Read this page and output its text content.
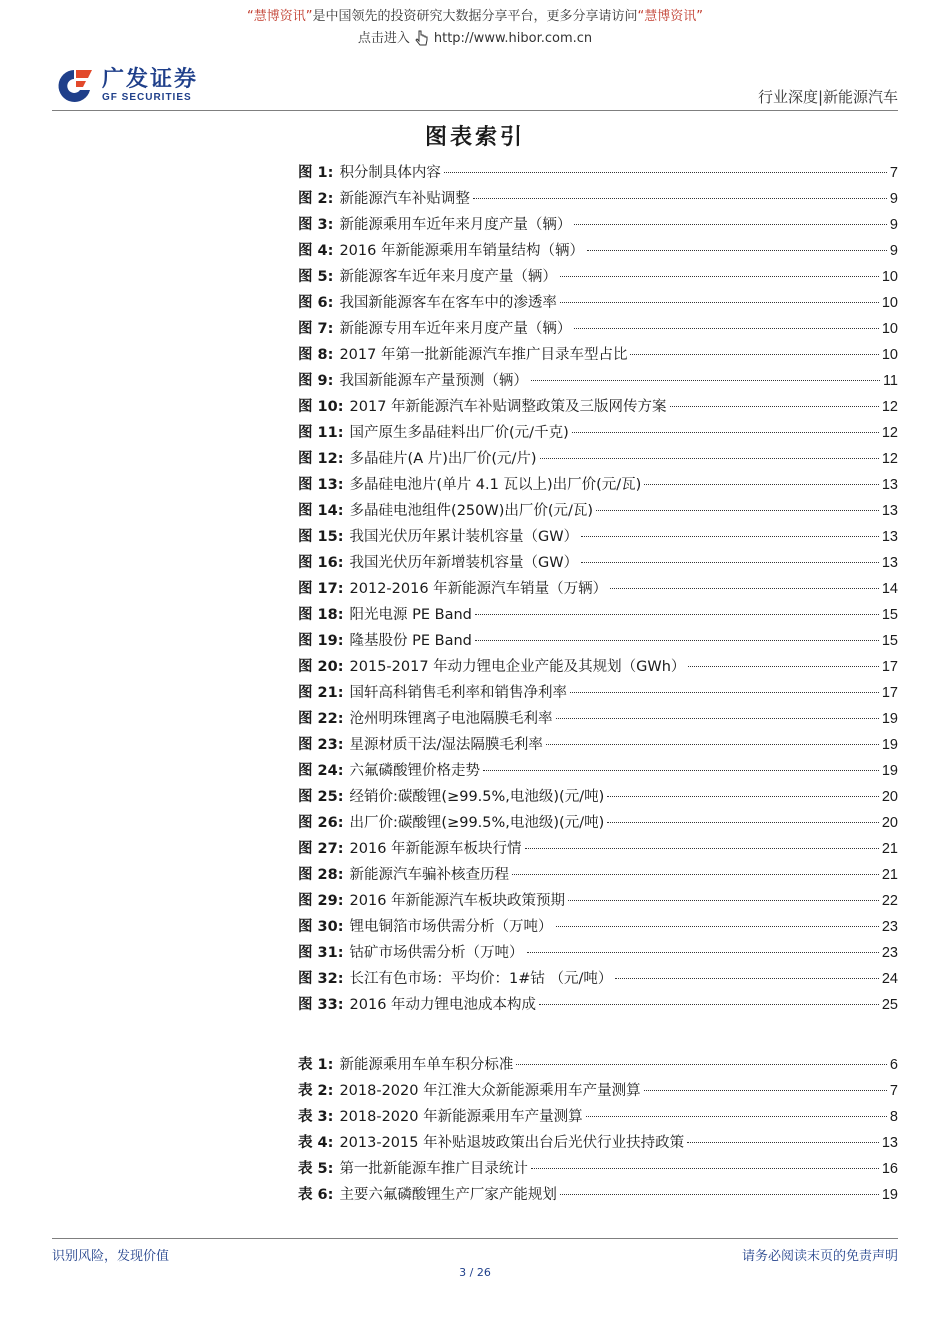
“慧博资讯”是中国领先的投资研究大数据分享平台，更多分享请访问“慧博资讯”
点击进入 http://www.hibor.com.cn
广发证券
GF SECURITIES	行业深度|新能源汽车
图表索引
图 1: 积分制具体内容	7
图 2: 新能源汽车补贴调整	9
图 3: 新能源乘用车近年来月度产量（辆）	9
图 4: 2016 年新能源乘用车销量结构（辆）	9
图 5: 新能源客车近年来月度产量（辆）	10
图 6: 我国新能源客车在客车中的渗透率	10
图 7: 新能源专用车近年来月度产量（辆）	10
图 8: 2017 年第一批新能源汽车推广目录车型占比	10
图 9: 我国新能源车产量预测（辆）	11
图 10: 2017 年新能源汽车补贴调整政策及三版网传方案	12
图 11: 国产原生多晶硅料出厂价(元/千克)	12
图 12: 多晶硅片(A 片)出厂价(元/片)	12
图 13: 多晶硅电池片(单片 4.1 瓦以上)出厂价(元/瓦)	13
图 14: 多晶硅电池组件(250W)出厂价(元/瓦)	13
图 15: 我国光伏历年累计装机容量（GW）	13
图 16: 我国光伏历年新增装机容量（GW）	13
图 17: 2012-2016 年新能源汽车销量（万辆）	14
图 18: 阳光电源 PE Band	15
图 19: 隆基股份 PE Band	15
图 20: 2015-2017 年动力锂电企业产能及其规划（GWh）	17
图 21: 国轩高科销售毛利率和销售净利率	17
图 22: 沧州明珠锂离子电池隔膜毛利率	19
图 23: 星源材质干法/湿法隔膜毛利率	19
图 24: 六氟磷酸锂价格走势	19
图 25: 经销价:碳酸锂(≥99.5%,电池级)(元/吨)	20
图 26: 出厂价:碳酸锂(≥99.5%,电池级)(元/吨)	20
图 27: 2016 年新能源车板块行情	21
图 28: 新能源汽车骗补核查历程	21
图 29: 2016 年新能源汽车板块政策预期	22
图 30: 锂电铜箔市场供需分析（万吨）	23
图 31: 钴矿市场供需分析（万吨）	23
图 32: 长江有色市场：平均价：1#钴 （元/吨）	24
图 33: 2016 年动力锂电池成本构成	25
表 1: 新能源乘用车单车积分标准	6
表 2: 2018-2020 年江淮大众新能源乘用车产量测算	7
表 3: 2018-2020 年新能源乘用车产量测算	8
表 4: 2013-2015 年补贴退坡政策出台后光伏行业扶持政策	13
表 5: 第一批新能源车推广目录统计	16
表 6: 主要六氟磷酸锂生产厂家产能规划	19
识别风险，发现价值	请务必阅读末页的免责声明
3 / 26
